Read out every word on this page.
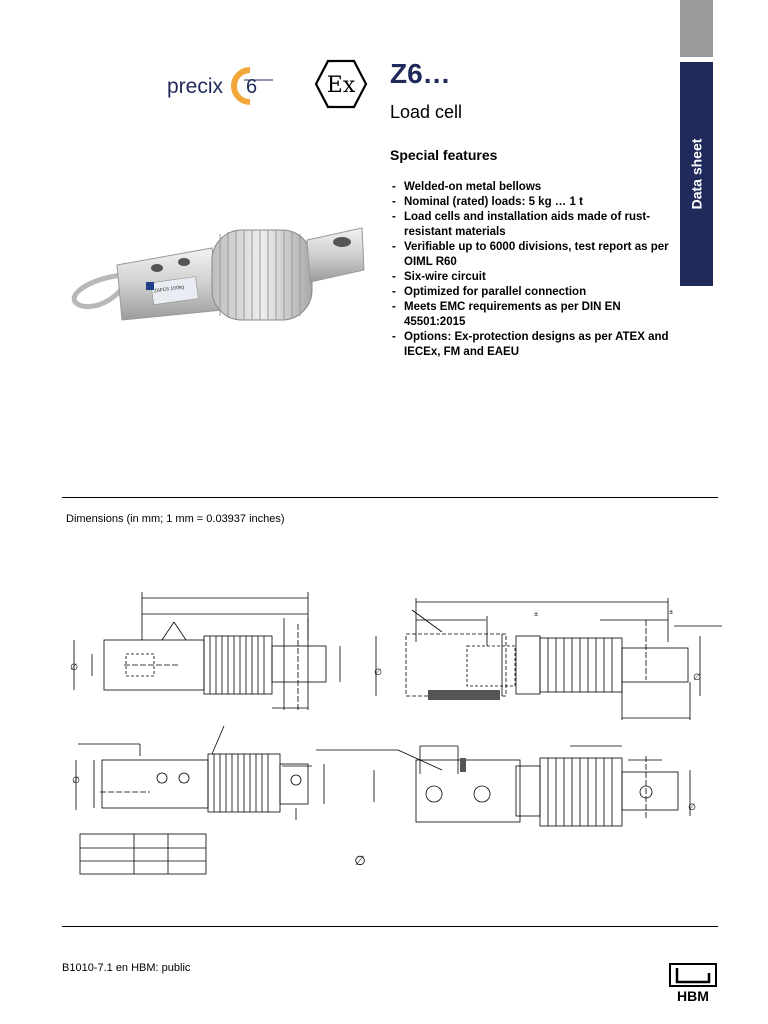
Data sheet
precix 6	Ex Z6…
Load cell
Z6FC6 100kg
Special features
- Welded-on metal bellows
- Nominal (rated) loads: 5 kg … 1 t
- Load cells and installation aids made of rust-resistant materials
- Verifiable up to 6000 divisions, test report as per OIML R60
- Six-wire circuit
- Optimized for parallel connection
- Meets EMC requirements as per DIN EN 45501:2015
- Options: Ex-protection designs as per ATEX and IECEx, FM and EAEU
Dimensions (in mm; 1 mm = 0.03937 inches)
∅	∅
∅
∅
∅
∅
±	±
B1010-7.1 en HBM: public
HBM
